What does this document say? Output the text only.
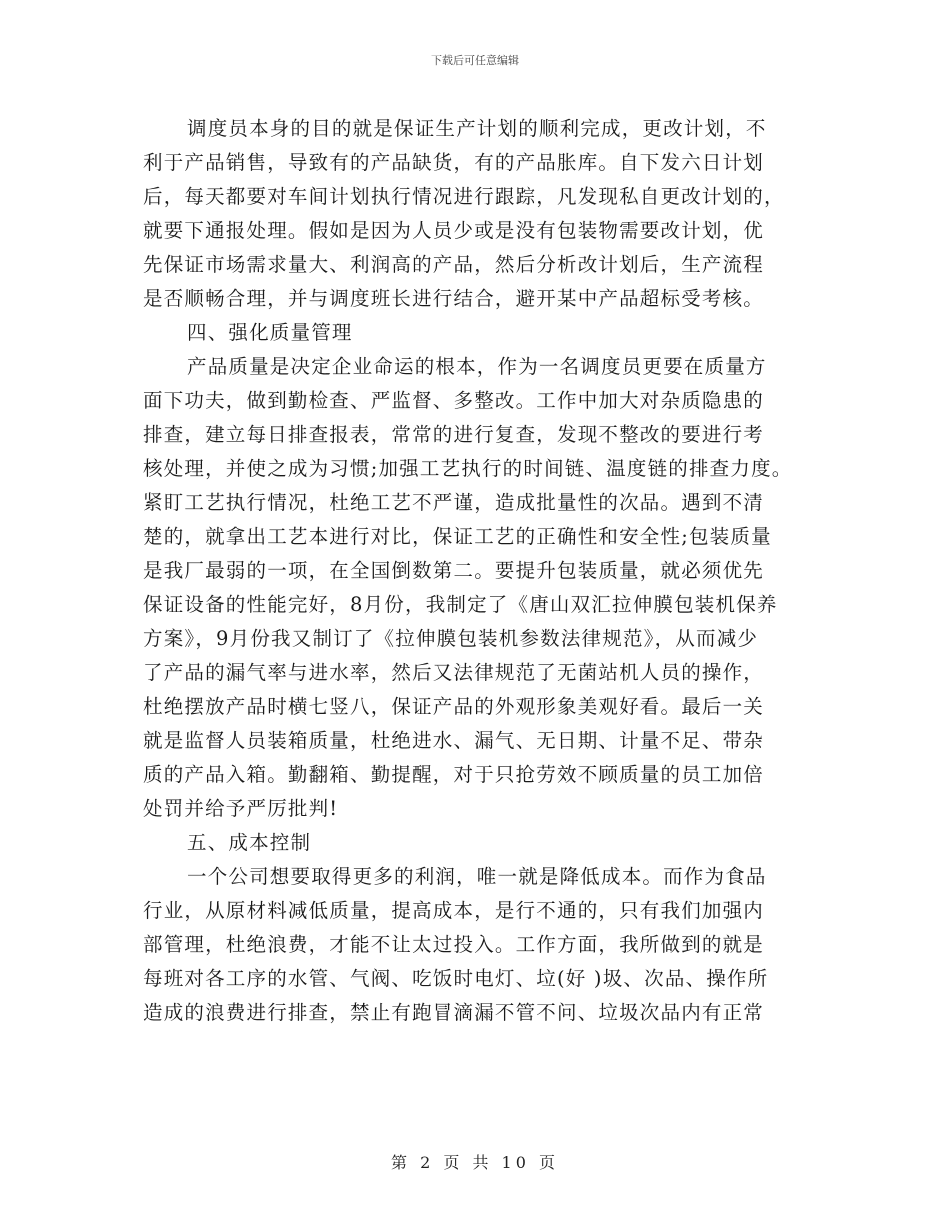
下载后可任意编辑
调度员本身的目的就是保证生产计划的顺利完成，更改计划，不
利于产品销售，导致有的产品缺货，有的产品胀库。自下发六日计划
后，每天都要对车间计划执行情况进行跟踪，凡发现私自更改计划的，
就要下通报处理。假如是因为人员少或是没有包装物需要改计划，优
先保证市场需求量大、利润高的产品，然后分析改计划后，生产流程
是否顺畅合理，并与调度班长进行结合，避开某中产品超标受考核。
四、强化质量管理
产品质量是决定企业命运的根本，作为一名调度员更要在质量方
面下功夫，做到勤检查、严监督、多整改。工作中加大对杂质隐患的
排查，建立每日排查报表，常常的进行复查，发现不整改的要进行考
核处理，并使之成为习惯;加强工艺执行的时间链、温度链的排查力度。
紧盯工艺执行情况，杜绝工艺不严谨，造成批量性的次品。遇到不清
楚的，就拿出工艺本进行对比，保证工艺的正确性和安全性;包装质量
是我厂最弱的一项，在全国倒数第二。要提升包装质量，就必须优先
保证设备的性能完好，8月份，我制定了《唐山双汇拉伸膜包装机保养
方案》，9月份我又制订了《拉伸膜包装机参数法律规范》，从而减少
了产品的漏气率与进水率，然后又法律规范了无菌站机人员的操作，
杜绝摆放产品时横七竖八，保证产品的外观形象美观好看。最后一关
就是监督人员装箱质量，杜绝进水、漏气、无日期、计量不足、带杂
质的产品入箱。勤翻箱、勤提醒，对于只抢劳效不顾质量的员工加倍
处罚并给予严厉批判!
五、成本控制
一个公司想要取得更多的利润，唯一就是降低成本。而作为食品
行业，从原材料减低质量，提高成本，是行不通的，只有我们加强内
部管理，杜绝浪费，才能不让太过投入。工作方面，我所做到的就是
每班对各工序的水管、气阀、吃饭时电灯、垃(好 )圾、次品、操作所
造成的浪费进行排查，禁止有跑冒滴漏不管不问、垃圾次品内有正常
第 2 页 共 10 页
